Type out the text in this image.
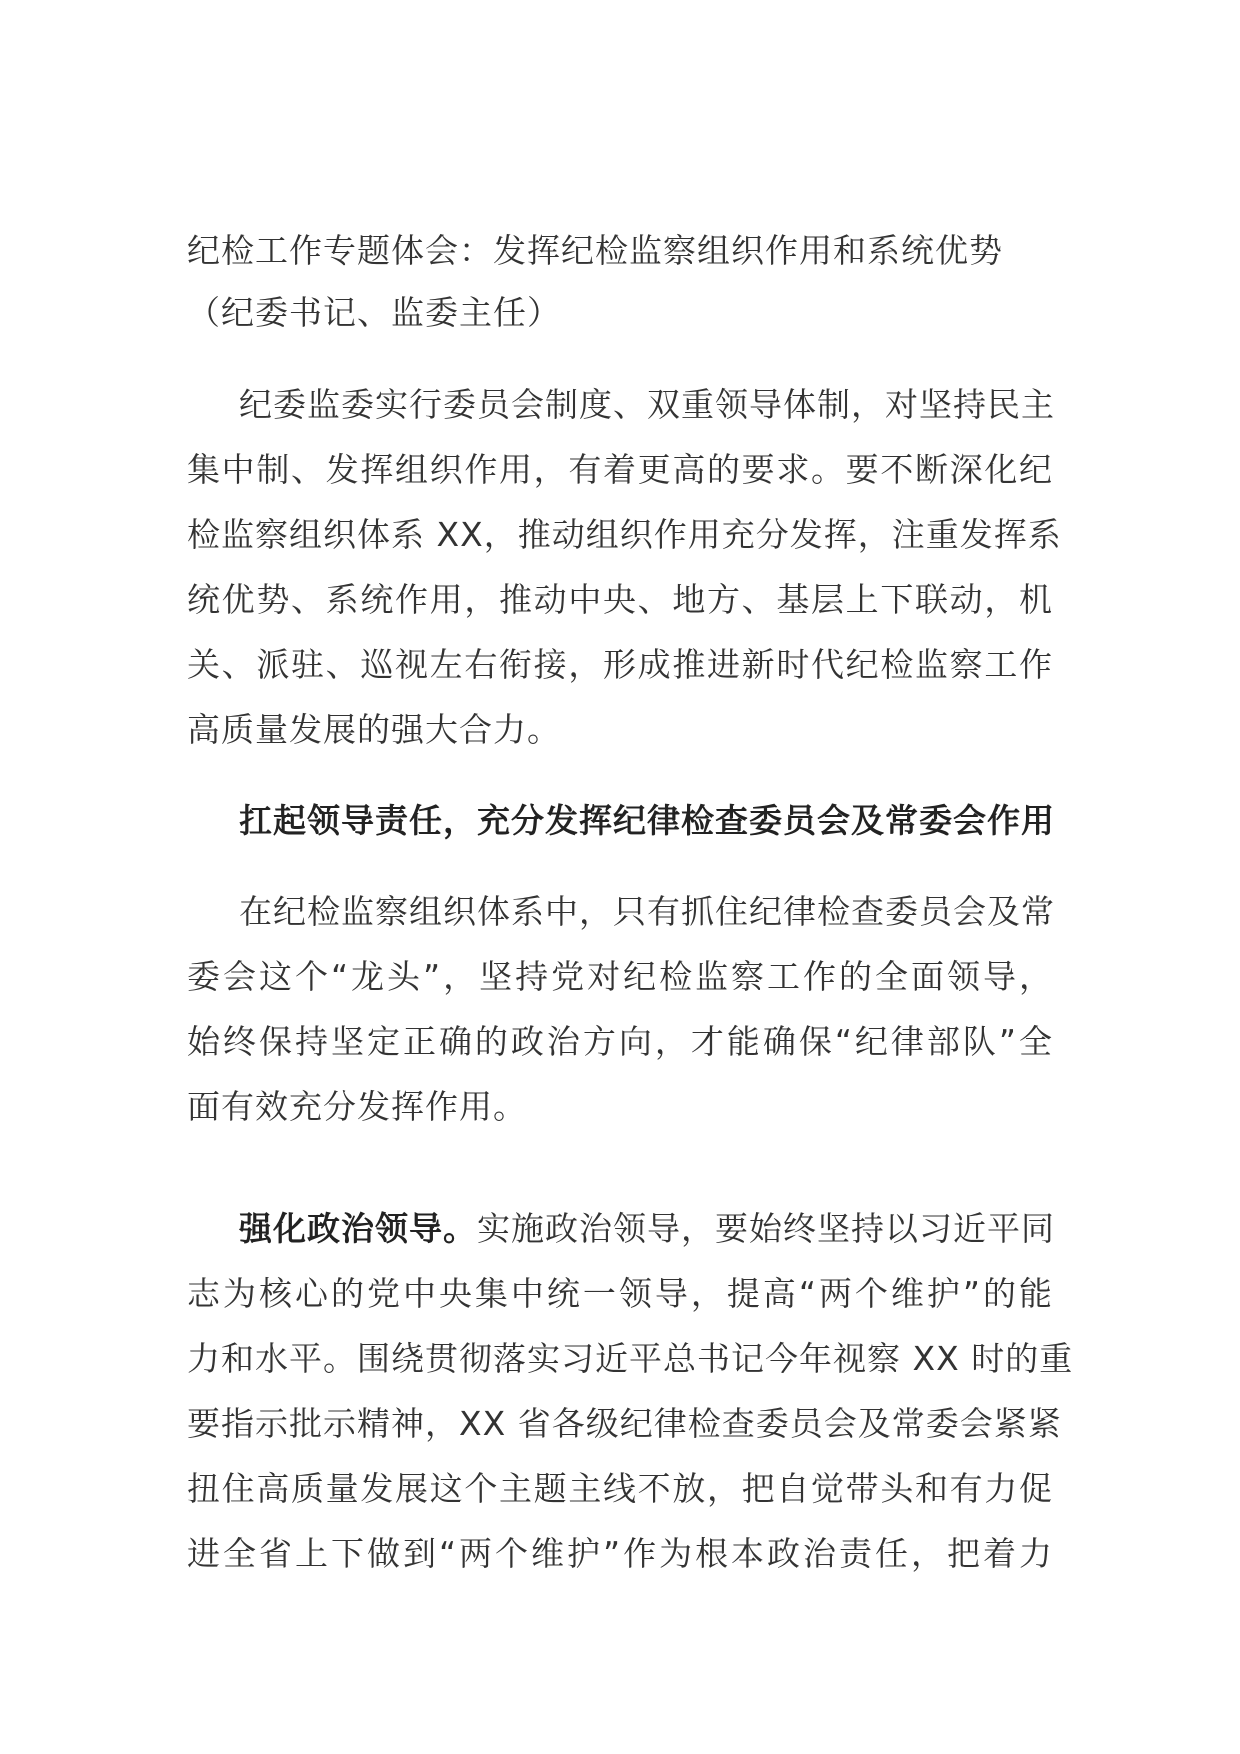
纪检工作专题体会：发挥纪检监察组织作用和系统优势
（纪委书记、监委主任）
纪委监委实行委员会制度、双重领导体制，对坚持民主
集中制、发挥组织作用，有着更高的要求。要不断深化纪
检监察组织体系 XX，推动组织作用充分发挥，注重发挥系
统优势、系统作用，推动中央、地方、基层上下联动，机
关、派驻、巡视左右衔接，形成推进新时代纪检监察工作
高质量发展的强大合力。
扛起领导责任，充分发挥纪律检查委员会及常委会作用
在纪检监察组织体系中，只有抓住纪律检查委员会及常
委会这个“龙头”，坚持党对纪检监察工作的全面领导，
始终保持坚定正确的政治方向，才能确保“纪律部队”全
面有效充分发挥作用。
强化政治领导。实施政治领导，要始终坚持以习近平同
志为核心的党中央集中统一领导，提高“两个维护”的能
力和水平。围绕贯彻落实习近平总书记今年视察 XX 时的重
要指示批示精神，XX 省各级纪律检查委员会及常委会紧紧
扭住高质量发展这个主题主线不放，把自觉带头和有力促
进全省上下做到“两个维护”作为根本政治责任，把着力
